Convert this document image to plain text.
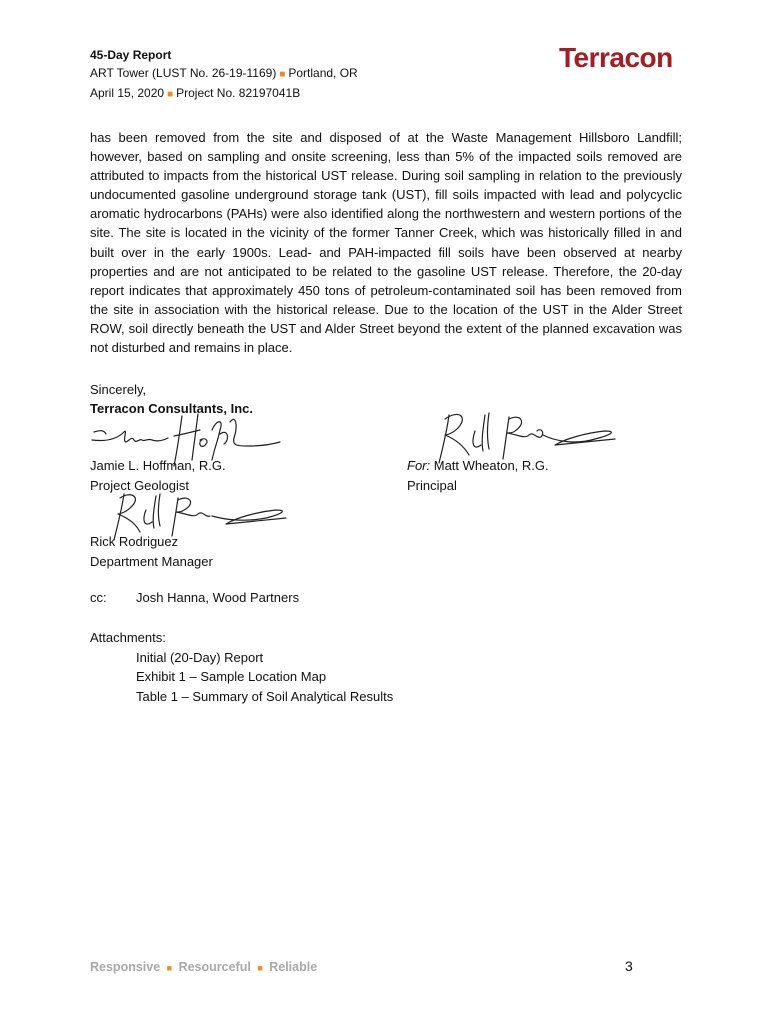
45-Day Report
ART Tower (LUST No. 26-19-1169) ■ Portland, OR
April 15, 2020 ■ Project No. 82197041B
Terracon
has been removed from the site and disposed of at the Waste Management Hillsboro Landfill; however, based on sampling and onsite screening, less than 5% of the impacted soils removed are attributed to impacts from the historical UST release. During soil sampling in relation to the previously undocumented gasoline underground storage tank (UST), fill soils impacted with lead and polycyclic aromatic hydrocarbons (PAHs) were also identified along the northwestern and western portions of the site. The site is located in the vicinity of the former Tanner Creek, which was historically filled in and built over in the early 1900s. Lead- and PAH-impacted fill soils have been observed at nearby properties and are not anticipated to be related to the gasoline UST release. Therefore, the 20-day report indicates that approximately 450 tons of petroleum-contaminated soil has been removed from the site in association with the historical release. Due to the location of the UST in the Alder Street ROW, soil directly beneath the UST and Alder Street beyond the extent of the planned excavation was not disturbed and remains in place.
Sincerely,
Terracon Consultants, Inc.
Jamie L. Hoffman, R.G.
Project Geologist
For: Matt Wheaton, R.G.
Principal
Rick Rodriguez
Department Manager
cc: Josh Hanna, Wood Partners
Attachments:
Initial (20-Day) Report
Exhibit 1 – Sample Location Map
Table 1 – Summary of Soil Analytical Results
Responsive ■ Resourceful ■ Reliable	3
